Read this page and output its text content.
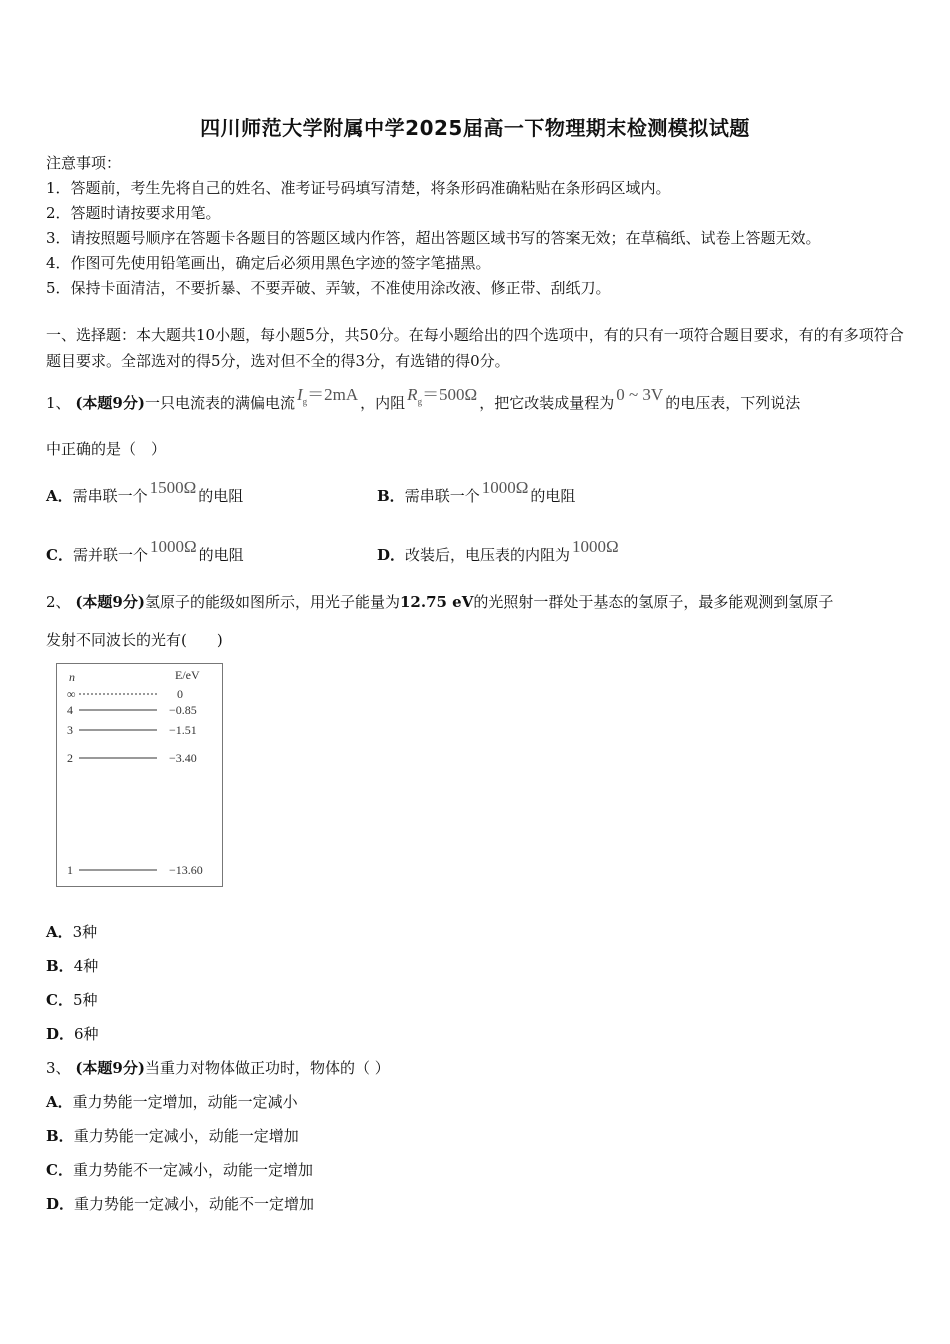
四川师范大学附属中学2025届高一下物理期末检测模拟试题
注意事项：
1．答题前，考生先将自己的姓名、准考证号码填写清楚，将条形码准确粘贴在条形码区域内。
2．答题时请按要求用笔。
3．请按照题号顺序在答题卡各题目的答题区域内作答，超出答题区域书写的答案无效；在草稿纸、试卷上答题无效。
4．作图可先使用铅笔画出，确定后必须用黑色字迹的签字笔描黑。
5．保持卡面清洁，不要折暴、不要弄破、弄皱，不准使用涂改液、修正带、刮纸刀。
一、选择题：本大题共10小题，每小题5分，共50分。在每小题给出的四个选项中，有的只有一项符合题目要求，有的有多项符合题目要求。全部选对的得5分，选对但不全的得3分，有选错的得0分。
1、 (本题9分)一只电流表的满偏电流 $I_g=2mA$ ，内阻 $R_g=500\Omega$ ，把它改装成量程为 0 ~ 3V 的电压表，下列说法
中正确的是（　）
A．需串联一个 1500Ω 的电阻	B．需串联一个 1000Ω 的电阻
C．需并联一个 1000Ω 的电阻	D．改装后，电压表的内阻为 1000Ω
2、 (本题9分)氢原子的能级如图所示，用光子能量为12.75 eV的光照射一群处于基态的氢原子，最多能观测到氢原子
发射不同波长的光有(　　)
n	E/eV
∞	0
4	−0.85
3	−1.51
2	−3.40
1	−13.60
A．3种
B．4种
C．5种
D．6种
3、 (本题9分)当重力对物体做正功时，物体的（ ）
A．重力势能一定增加，动能一定减小
B．重力势能一定减小，动能一定增加
C．重力势能不一定减小，动能一定增加
D．重力势能一定减小，动能不一定增加
